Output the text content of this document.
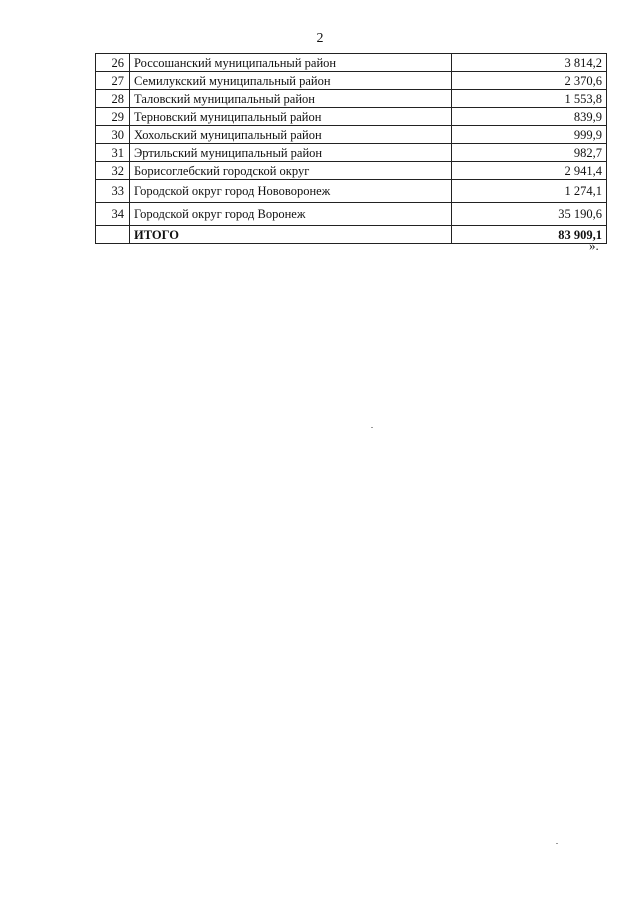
2
26	Россошанский муниципальный район	3 814,2
27	Семилукский муниципальный район	2 370,6
28	Таловский муниципальный район	1 553,8
29	Терновский муниципальный район	839,9
30	Хохольский муниципальный район	999,9
31	Эртильский муниципальный район	982,7
32	Борисоглебский городской округ	2 941,4
33	Городской округ город Нововоронеж	1 274,1
34	Городской округ город Воронеж	35 190,6
	ИТОГО	83 909,1
».
